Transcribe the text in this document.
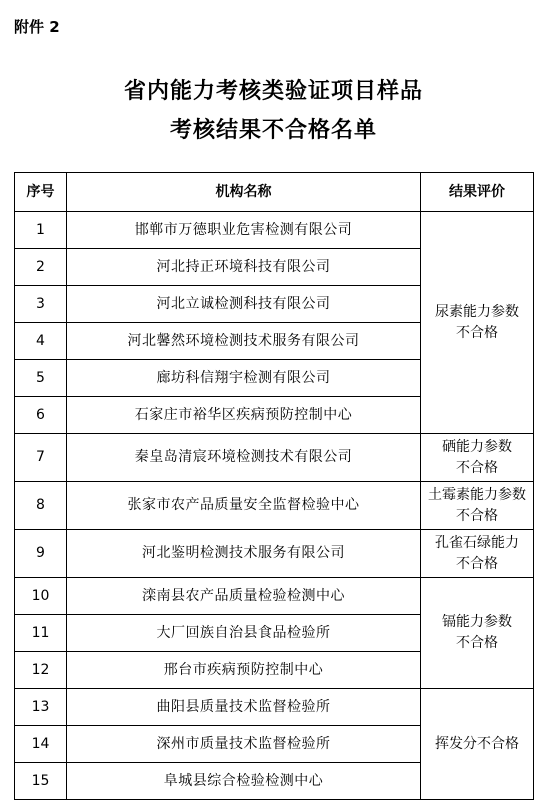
附件 2
省内能力考核类验证项目样品
考核结果不合格名单
序号	机构名称	结果评价
1	邯郸市万德职业危害检测有限公司	尿素能力参数
不合格
2	河北持正环境科技有限公司	
3	河北立诚检测科技有限公司	
4	河北馨然环境检测技术服务有限公司	
5	廊坊科信翔宇检测有限公司	
6	石家庄市裕华区疾病预防控制中心	
7	秦皇岛清宸环境检测技术有限公司	硒能力参数
不合格
8	张家市农产品质量安全监督检验中心	土霉素能力参数
不合格
9	河北鉴明检测技术服务有限公司	孔雀石绿能力
不合格
10	滦南县农产品质量检验检测中心	镉能力参数
不合格
11	大厂回族自治县食品检验所	
12	邢台市疾病预防控制中心	
13	曲阳县质量技术监督检验所	挥发分不合格
14	深州市质量技术监督检验所	
15	阜城县综合检验检测中心	
